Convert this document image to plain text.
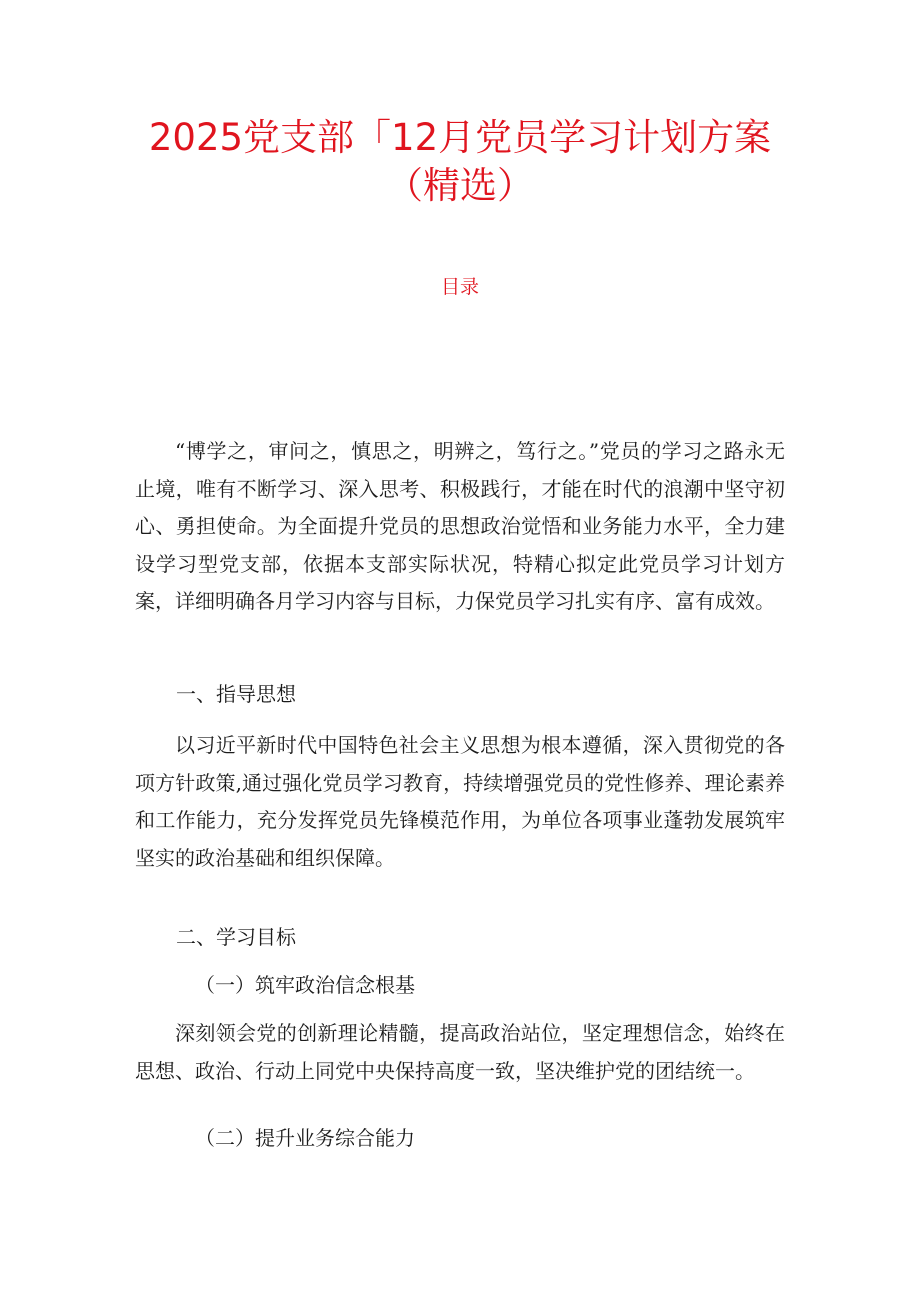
2025党支部「12月党员学习计划方案
（精选）
目录

“博学之，审问之，慎思之，明辨之，笃行之。”党员的学习之路永无止境，唯有不断学习、深入思考、积极践行，才能在时代的浪潮中坚守初心、勇担使命。为全面提升党员的思想政治觉悟和业务能力水平，全力建设学习型党支部，依据本支部实际状况，特精心拟定此党员学习计划方案，详细明确各月学习内容与目标，力保党员学习扎实有序、富有成效。

一、指导思想

以习近平新时代中国特色社会主义思想为根本遵循，深入贯彻党的各项方针政策,通过强化党员学习教育，持续增强党员的党性修养、理论素养和工作能力，充分发挥党员先锋模范作用，为单位各项事业蓬勃发展筑牢坚实的政治基础和组织保障。

二、学习目标
（一）筑牢政治信念根基

深刻领会党的创新理论精髓，提高政治站位，坚定理想信念，始终在思想、政治、行动上同党中央保持高度一致，坚决维护党的团结统一。

（二）提升业务综合能力
